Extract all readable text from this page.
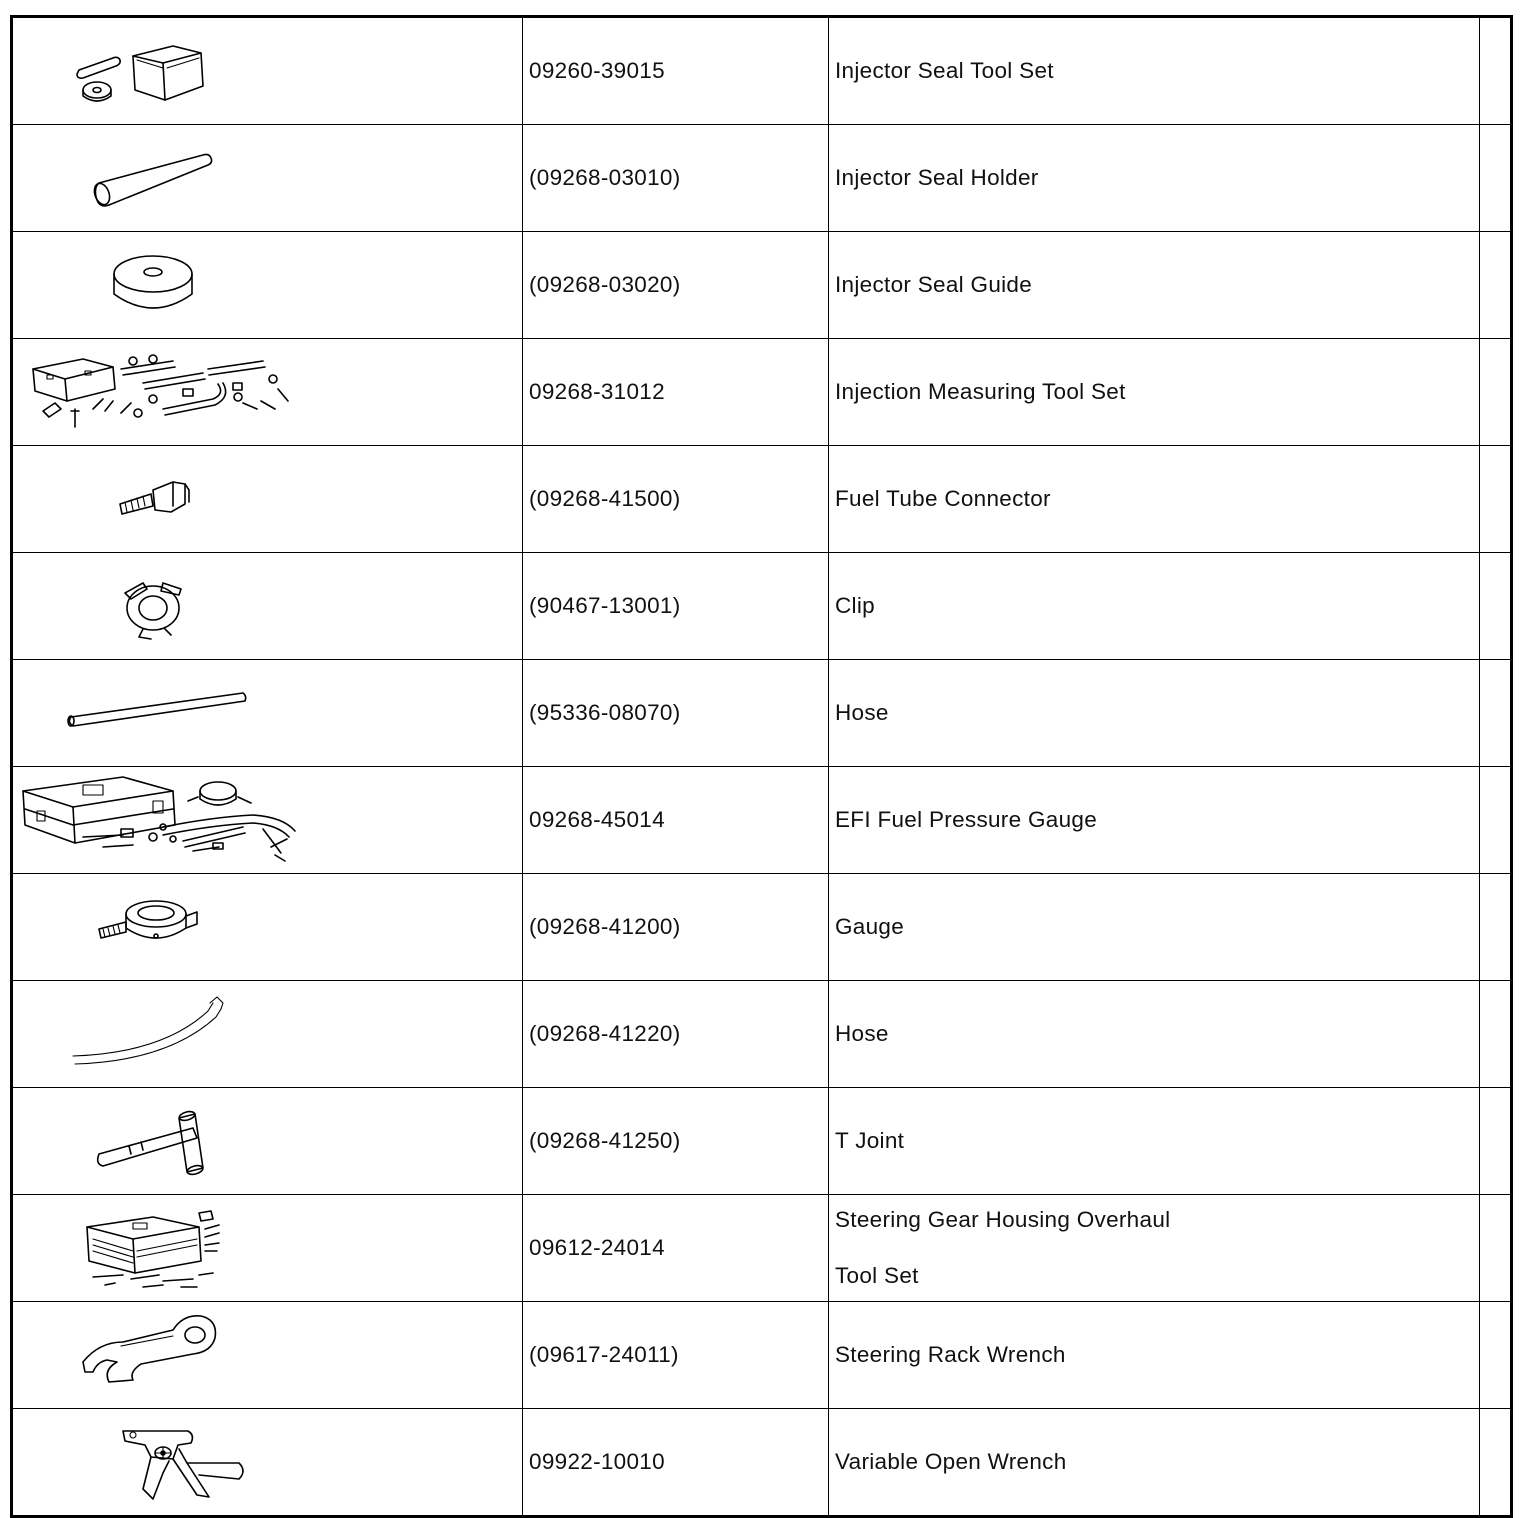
	09260-39015	Injector Seal Tool Set	

	(09268-03010)	Injector Seal Holder	

	(09268-03020)	Injector Seal Guide	

	09268-31012	Injection Measuring Tool Set	

	(09268-41500)	Fuel Tube Connector	

	(90467-13001)	Clip	

	(95336-08070)	Hose	

	09268-45014	EFI Fuel Pressure Gauge	

	(09268-41200)	Gauge	

	(09268-41220)	Hose	

	(09268-41250)	T Joint	

	09612-24014	Steering Gear Housing Overhaul
Tool Set	

	(09617-24011)	Steering Rack Wrench	

	09922-10010	Variable Open Wrench	
